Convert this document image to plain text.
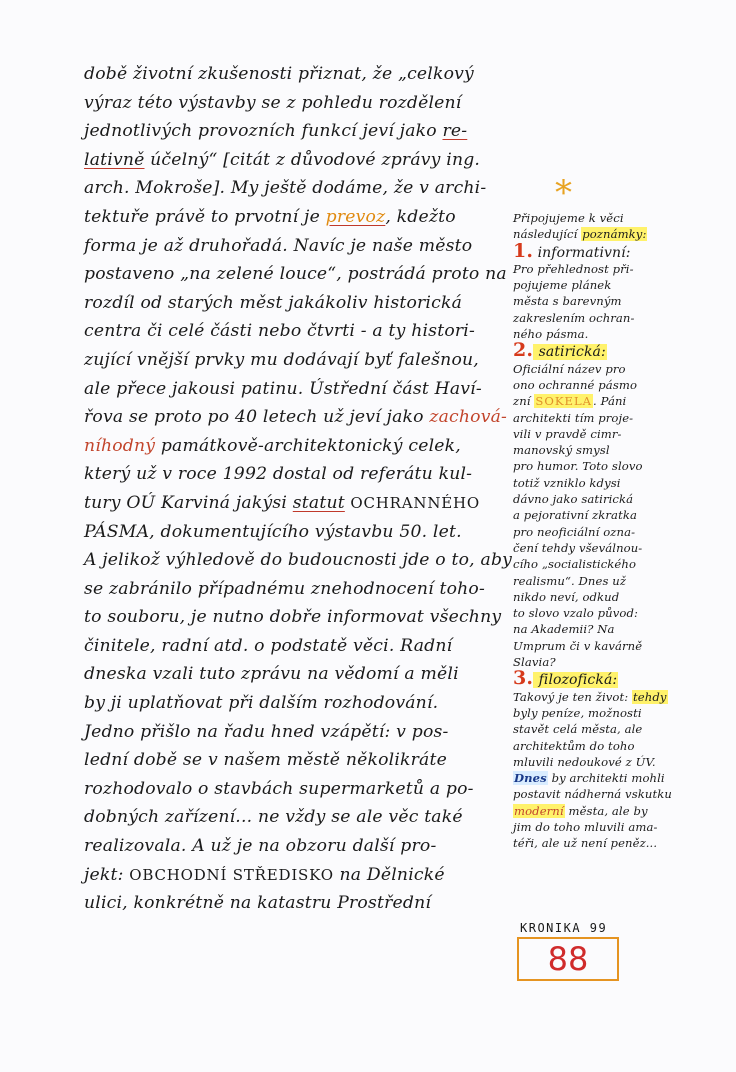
době životní zkušenosti přiznat, že „celkový
výraz této výstavby se z pohledu rozdělení
jednotlivých provozních funkcí jeví jako re-
lativně účelný“ [citát z důvodové zprávy ing.
arch. Mokroše]. My ještě dodáme, že v archi-
tektuře právě to prvotní je prevoz, kdežto
forma je až druhořadá. Navíc je naše město
postaveno „na zelené louce“, postrádá proto na
rozdíl od starých měst jakákoliv historická
centra či celé části nebo čtvrti - a ty histori-
zující vnější prvky mu dodávají byť falešnou,
ale přece jakousi patinu. Ústřední část Haví-
řova se proto po 40 letech už jeví jako zachová-
níhodný památkově-architektonický celek,
který už v roce 1992 dostal od referátu kul-
tury OÚ Karviná jakýsi statut OCHRANNÉHO
PÁSMA, dokumentujícího výstavbu 50. let.
A jelikož výhledově do budoucnosti jde o to, aby
se zabránilo případnému znehodnocení toho-
to souboru, je nutno dobře informovat všechny
činitele, radní atd. o podstatě věci. Radní
dneska vzali tuto zprávu na vědomí a měli
by ji uplatňovat při dalším rozhodování.
Jedno přišlo na řadu hned vzápětí: v pos-
lední době se v našem městě několikráte
rozhodovalo o stavbách supermarketů a po-
dobných zařízení... ne vždy se ale věc také
realizovala. A už je na obzoru další pro-
jekt: OBCHODNÍ STŘEDISKO na Dělnické
ulici, konkrétně na katastru Prostřední
*
Připojujeme k věci
následující poznámky:
1. informativní:
Pro přehlednost při-
pojujeme plánek
města s barevným
zakreslením ochran-
ného pásma.
2. satirická:
Oficiální název pro
ono ochranné pásmo
zní SOKELA. Páni
architekti tím proje-
vili v pravdě cimr-
manovský smysl
pro humor. Toto slovo
totiž vzniklo kdysi
dávno jako satirická
a pejorativní zkratka
pro neoficiální ozna-
čení tehdy vševálnou-
cího „socialistického
realismu“. Dnes už
nikdo neví, odkud
to slovo vzalo původ:
na Akademii? Na
Umprum či v kavárně
Slavia?
3. filozofická:
Takový je ten život: tehdy
byly peníze, možnosti
stavět celá města, ale
architektům do toho
mluvili nedoukové z ÚV.
Dnes by architekti mohli
postavit nádherná vskutku
moderní města, ale by
jim do toho mluvili ama-
téři, ale už není peněz...
KRONIKA 99
88
